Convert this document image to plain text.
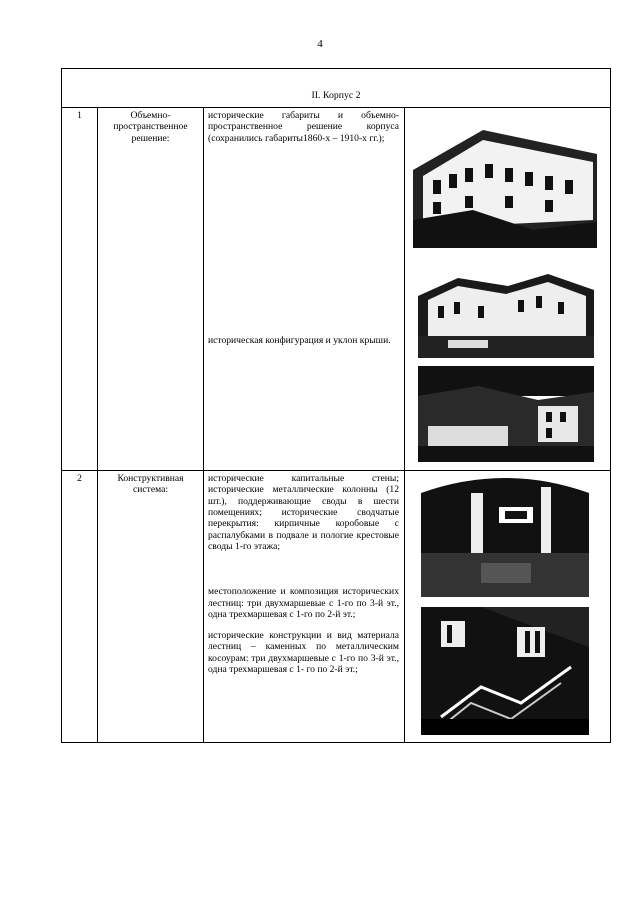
4
II. Корпус 2			
1	Объемно-пространственное решение:	исторические габариты и объемно-пространственное решение корпуса (сохранились габариты1860-х – 1910-х гг.);

историческая конфигурация и уклон крыши.

2	Конструктивная система:	исторические капитальные стены; исторические металлические колонны (12 шт.), поддерживающие своды в шести помещениях; исторические сводчатые перекрытия: кирпичные коробовые с распалубками в подвале и пологие крестовые своды 1-го этажа;

местоположение и композиция исторических лестниц: три двухмаршевые с 1-го по 3-й эт., одна трехмаршевая с 1-го по 2-й эт.;

исторические конструкции и вид материала лестниц – каменных по металлическим косоурам: три двухмаршевые с 1-го по 3-й эт., одна трехмаршевая с 1- го по 2-й эт.;
